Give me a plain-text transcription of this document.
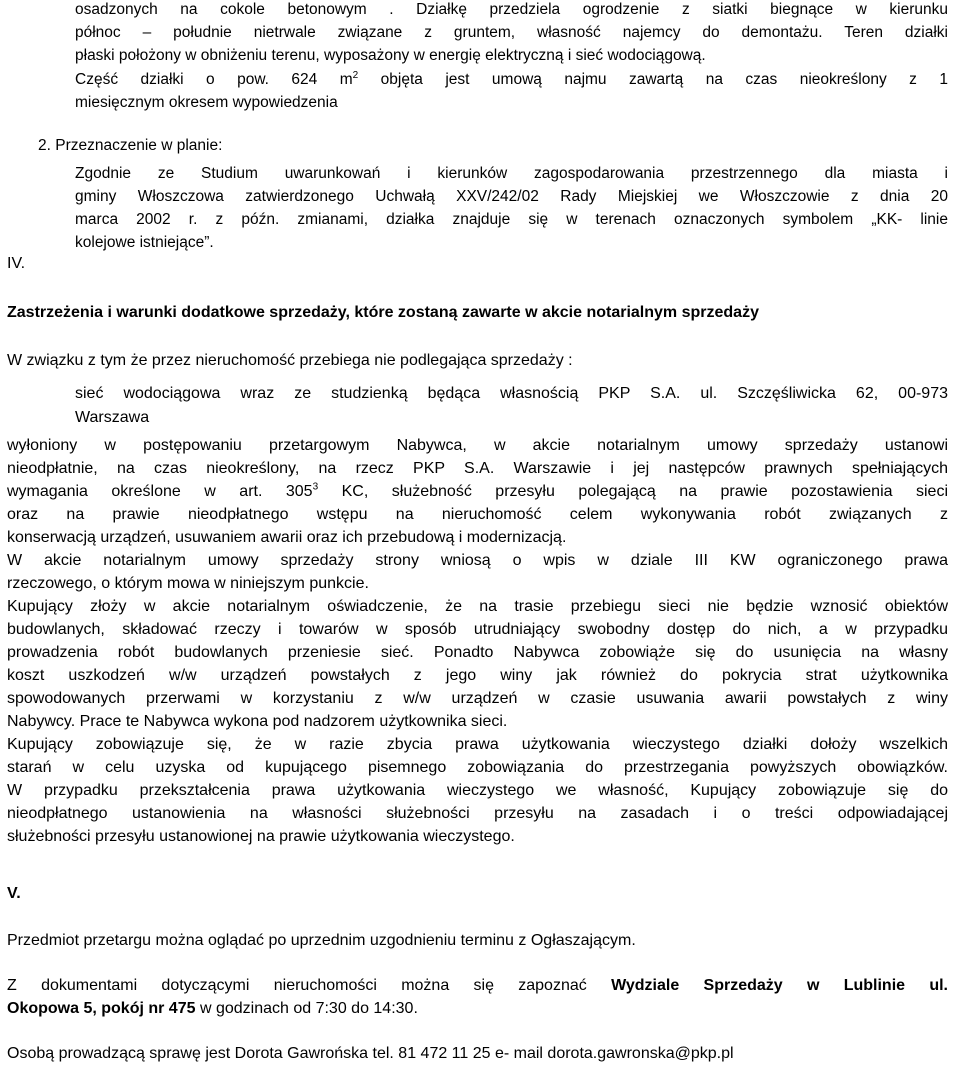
osadzonych na cokole betonowym . Działkę przedziela ogrodzenie z siatki biegnące w kierunku
północ – południe nietrwale związane z gruntem, własność najemcy do demontażu. Teren działki
płaski położony w obniżeniu terenu, wyposażony w energię elektryczną i sieć wodociągową.
Część działki o pow. 624 $m^2$ objęta jest umową najmu zawartą na czas nieokreślony z 1
miesięcznym okresem wypowiedzenia
2. Przeznaczenie w planie:
Zgodnie ze Studium uwarunkowań i kierunków zagospodarowania przestrzennego dla miasta i
gminy Włoszczowa zatwierdzonego Uchwałą XXV/242/02 Rady Miejskiej we Włoszczowie z dnia 20
marca 2002 r. z późn. zmianami, działka znajduje się w terenach oznaczonych symbolem „KK- linie
kolejowe istniejące”.
IV.
Zastrzeżenia i warunki dodatkowe sprzedaży, które zostaną zawarte w akcie notarialnym sprzedaży
W związku z tym że przez nieruchomość przebiega nie podlegająca sprzedaży :
sieć wodociągowa wraz ze studzienką będąca własnością PKP S.A. ul. Szczęśliwicka 62, 00-973
Warszawa
wyłoniony w postępowaniu przetargowym Nabywca, w akcie notarialnym umowy sprzedaży ustanowi
nieodpłatnie, na czas nieokreślony, na rzecz PKP S.A. Warszawie i jej następców prawnych spełniających
wymagania określone w art. $305^3$ KC, służebność przesyłu polegającą na prawie pozostawienia sieci
oraz na prawie nieodpłatnego wstępu na nieruchomość celem wykonywania robót związanych z
konserwacją urządzeń, usuwaniem awarii oraz ich przebudową i modernizacją.
W akcie notarialnym umowy sprzedaży strony wniosą o wpis w dziale III KW ograniczonego prawa
rzeczowego, o którym mowa w niniejszym punkcie.
Kupujący złoży w akcie notarialnym oświadczenie, że na trasie przebiegu sieci nie będzie wznosić obiektów
budowlanych, składować rzeczy i towarów w sposób utrudniający swobodny dostęp do nich, a w przypadku
prowadzenia robót budowlanych przeniesie sieć. Ponadto Nabywca zobowiąże się do usunięcia na własny
koszt uszkodzeń w/w urządzeń powstałych z jego winy jak również do pokrycia strat użytkownika
spowodowanych przerwami w korzystaniu z w/w urządzeń w czasie usuwania awarii powstałych z winy
Nabywcy. Prace te Nabywca wykona pod nadzorem użytkownika sieci.
Kupujący zobowiązuje się, że w razie zbycia prawa użytkowania wieczystego działki dołoży wszelkich
starań w celu uzyska od kupującego pisemnego zobowiązania do przestrzegania powyższych obowiązków.
W przypadku przekształcenia prawa użytkowania wieczystego we własność, Kupujący zobowiązuje się do
nieodpłatnego ustanowienia na własności służebności przesyłu na zasadach i o treści odpowiadającej
służebności przesyłu ustanowionej na prawie użytkowania wieczystego.
V.
Przedmiot przetargu można oglądać po uprzednim uzgodnieniu terminu z Ogłaszającym.
Z dokumentami dotyczącymi nieruchomości można się zapoznać Wydziale Sprzedaży w Lublinie ul.
Okopowa 5, pokój nr 475 w godzinach od 7:30 do 14:30.
Osobą prowadzącą sprawę jest Dorota Gawrońska tel. 81 472 11 25 e- mail dorota.gawronska@pkp.pl
